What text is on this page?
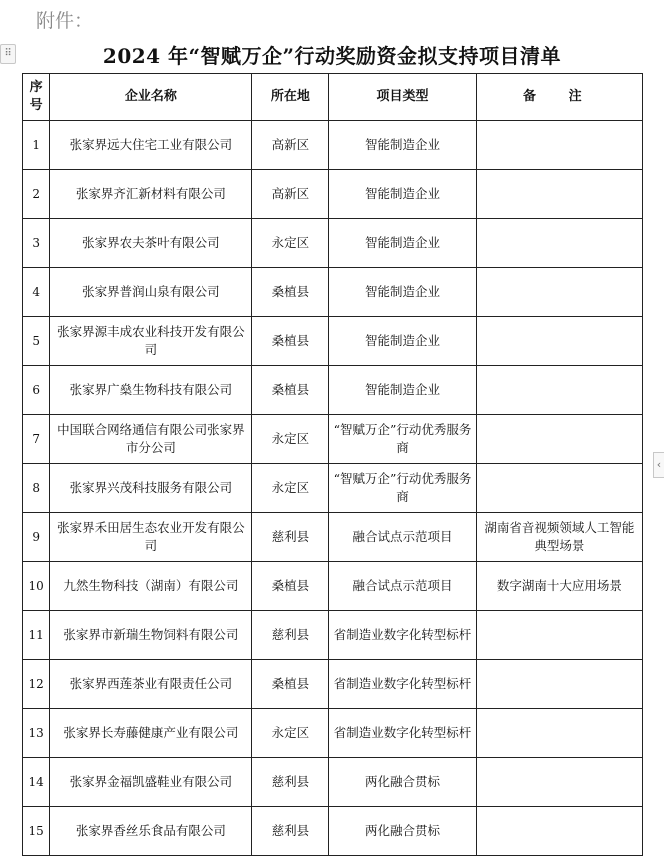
附件：
⠿
‹
2024 年“智赋万企”行动奖励资金拟支持项目清单
序号	企业名称	所在地	项目类型	备 注
1	张家界远大住宅工业有限公司	高新区	智能制造企业	
2	张家界齐汇新材料有限公司	高新区	智能制造企业	
3	张家界农夫茶叶有限公司	永定区	智能制造企业	
4	张家界普润山泉有限公司	桑植县	智能制造企业	
5	张家界源丰成农业科技开发有限公司	桑植县	智能制造企业	
6	张家界广燊生物科技有限公司	桑植县	智能制造企业	
7	中国联合网络通信有限公司张家界市分公司	永定区	“智赋万企”行动优秀服务商	
8	张家界兴茂科技服务有限公司	永定区	“智赋万企”行动优秀服务商	
9	张家界禾田居生态农业开发有限公司	慈利县	融合试点示范项目	湖南省音视频领域人工智能典型场景
10	九然生物科技（湖南）有限公司	桑植县	融合试点示范项目	数字湖南十大应用场景
11	张家界市新瑞生物饲料有限公司	慈利县	省制造业数字化转型标杆	
12	张家界西莲茶业有限责任公司	桑植县	省制造业数字化转型标杆	
13	张家界长寿藤健康产业有限公司	永定区	省制造业数字化转型标杆	
14	张家界金福凯盛鞋业有限公司	慈利县	两化融合贯标	
15	张家界香丝乐食品有限公司	慈利县	两化融合贯标	
